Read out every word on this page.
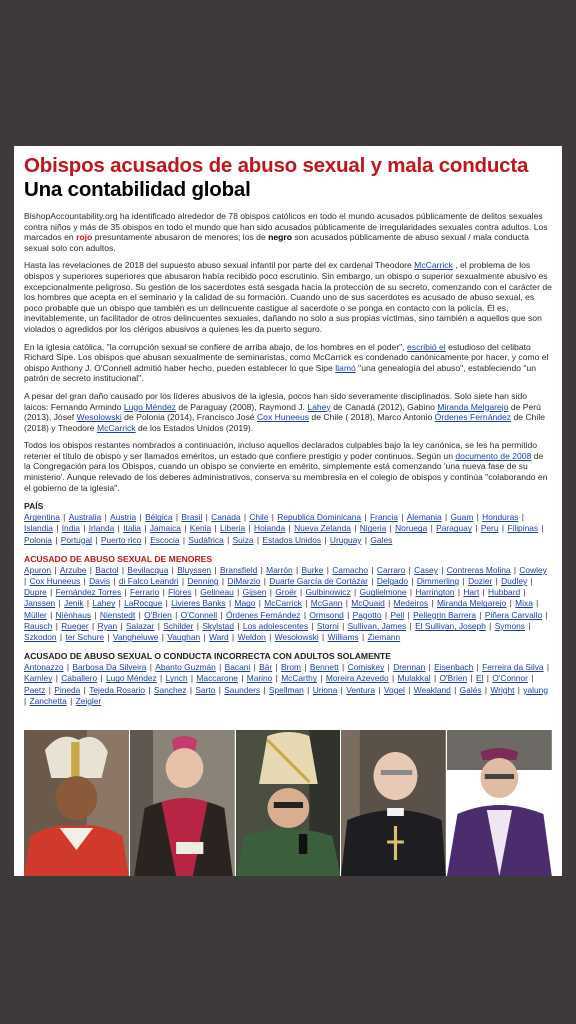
Obispos acusados de abuso sexual y mala conducta
Una contabilidad global

BishopAccountability.org ha identificado alrededor de 78 obispos católicos en todo el mundo acusados públicamente de delitos sexuales contra niños y más de 35 obispos en todo el mundo que han sido acusados públicamente de irregularidades sexuales contra adultos. Los marcados en rojo presuntamente abusaron de menores; los de negro son acusados públicamente de abuso sexual / mala conducta sexual solo con adultos.

Hasta las revelaciones de 2018 del supuesto abuso sexual infantil por parte del ex cardenal Theodore McCarrick , el problema de los obispos y superiores superiores que abusaron había recibido poco escrutinio. Sin embargo, un obispo o superior sexualmente abusivo es excepcionalmente peligroso. Su gestión de los sacerdotes está sesgada hacia la protección de su secreto, comenzando con el carácter de los hombres que acepta en el seminario y la calidad de su formación. Cuando uno de sus sacerdotes es acusado de abuso sexual, es poco probable que un obispo que también es un delincuente castigue al sacerdote o se ponga en contacto con la policía. Él es, inevitablemente, un facilitador de otros delincuentes sexuales, dañando no solo a sus propias víctimas, sino también a aquellos que son violados o agredidos por los clérigos abusivos a quienes les da puerto seguro.

En la iglesia católica, "la corrupción sexual se confiere de arriba abajo, de los hombres en el poder", escribió el estudioso del celibato Richard Sipe. Los obispos que abusan sexualmente de seminaristas, como McCarrick es condenado canónicamente por hacer, y como el obispo Anthony J. O'Connell admitió haber hecho, pueden establecer lo que Sipe llamó "una genealogía del abuso", estableciendo "un patrón de secreto institucional".

A pesar del gran daño causado por los líderes abusivos de la iglesia, pocos han sido severamente disciplinados. Solo siete han sido laicos: Fernando Armindo Lugo Méndez de Paraguay (2008), Raymond J. Lahey de Canadá (2012), Gabino Miranda Melgarejo de Perú (2013), Jósef Wesolowski de Polonia (2014), Francisco José Cox Huneeus de Chile ( 2018), Marco Antonio Órdenes Fernández de Chile (2018) y Theodore McCarrick de los Estados Unidos (2019).

Todos los obispos restantes nombrados a continuación, incluso aquellos declarados culpables bajo la ley canónica, se les ha permitido retener el título de obispo y ser llamados eméritos, un estado que confiere prestigio y poder continuos. Según un documento de 2008 de la Congregación para los Obispos, cuando un obispo se convierte en emérito, simplemente está comenzando 'una nueva fase de su ministerio'. Aunque relevado de los deberes administrativos, conserva su membresía en el colegio de obispos y continúa "colaborando en el gobierno de la iglesia".

PAÍS
Argentina | Australia | Austria | Bélgica | Brasil | Canada | Chile | Republica Dominicana | Francia | Alemania | Guam | Honduras | Islandia | India | Irlanda | Italia | Jamaica | Kenia | Liberia | Holanda | Nueva Zelanda | Nigeria | Noruega | Paraguay | Peru | Filipinas | Polonia | Portugal | Puerto rico | Escocia | Sudáfrica | Suiza | Estados Unidos | Uruguay | Gales
ACUSADO DE ABUSO SEXUAL DE MENORES
Apuron | Arzube | Bactol | Bevilacqua | Bluyssen | Bransfield | Marrón | Burke | Camacho | Carraro | Casey | Contreras Molina | Cowley | Cox Huneeus | Davis | di Falco Leandri | Denning | DiMarzio | Duarte García de Cortázar | Delgado | Dimmerling | Dozier | Dudley | Dupre | Fernández Torres | Ferrario | Flores | Gelineau | Gijsen | Groër | Gulbinowicz | Guglielmone | Harrington | Hart | Hubbard | Janssen | Jenik | Lahey | LaRocque | Livieres Banks | Mago | McCarrick | McGann | McQuaid | Medeiros | Miranda Melgarejo | Mixa | Müller | Niënhaus | Nienstedt | O'Brien | O'Connell | Órdenes Fernández | Ormsond | Pagotto | Pell | Pellegrin Barrera | Piñera Carvallo | Rausch | Rueger | Ryan | Salazar | Schilder | Skylstad | Los adolescentes | Storni | Sullivan, James | El Sullivan, Joseph | Symons | Szkodon | ter Schure | Vangheluwe | Vaughan | Ward | Weldon | Wesołowski | Williams | Ziemann
ACUSADO DE ABUSO SEXUAL O CONDUCTA INCORRECTA CON ADULTOS SOLAMENTE
Antonazzo | Barbosa Da Silveira | Abanto Guzmán | Bacani | Bär | Brom | Bennett | Comiskey | Drennan | Eisenbach | Ferreira da Silva | Karnley | Caballero | Lugo Méndez | Lynch | Maccarone | Marino | McCarthy | Moreira Azevedo | Mulakkal | O'Brien | El | O'Connor | Paetz | Pineda | Tejeda Rosario | Sanchez | Sarto | Saunders | Spellman | Uriona | Ventura | Vogel | Weakland | Galés | Wright | yalung | Zanchetta | Zeigler
